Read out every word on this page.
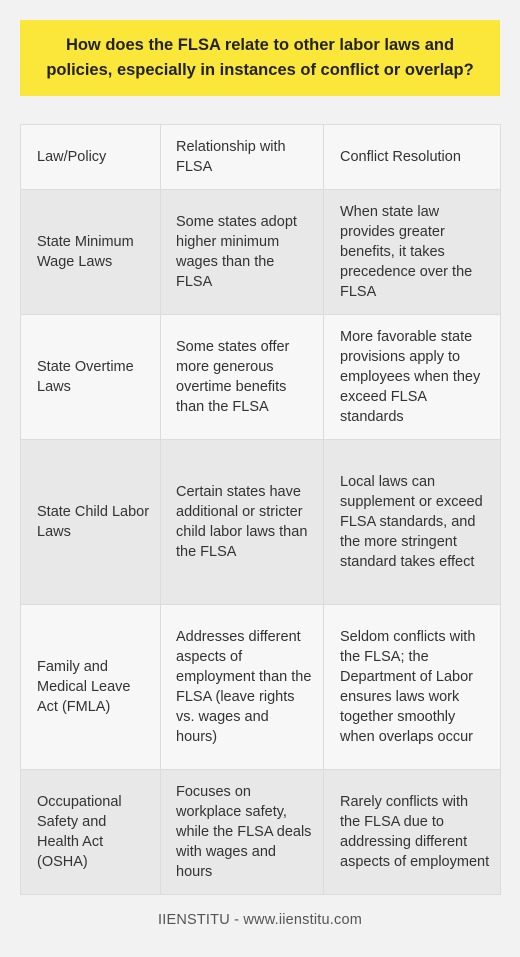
How does the FLSA relate to other labor laws and policies, especially in instances of conflict or overlap?
Law/Policy	Relationship with FLSA	Conflict Resolution
State Minimum Wage Laws	Some states adopt higher minimum wages than the FLSA	When state law provides greater benefits, it takes precedence over the FLSA
State Overtime Laws	Some states offer more generous overtime benefits than the FLSA	More favorable state provisions apply to employees when they exceed FLSA standards
State Child Labor Laws	Certain states have additional or stricter child labor laws than the FLSA	Local laws can supplement or exceed FLSA standards, and the more stringent standard takes effect
Family and Medical Leave Act (FMLA)	Addresses different aspects of employment than the FLSA (leave rights vs. wages and hours)	Seldom conflicts with the FLSA; the Department of Labor ensures laws work together smoothly when overlaps occur
Occupational Safety and Health Act (OSHA)	Focuses on workplace safety, while the FLSA deals with wages and hours	Rarely conflicts with the FLSA due to addressing different aspects of employment
IIENSTITU - www.iienstitu.com
